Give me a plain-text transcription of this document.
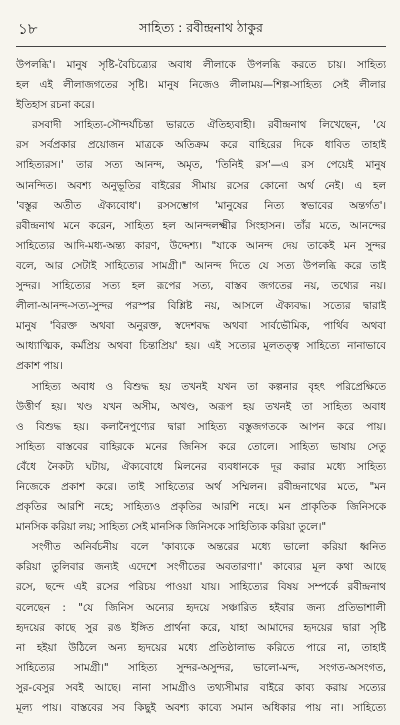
১৮	সাহিত্য : রবীন্দ্রনাথ ঠাকুর
উপলব্ধি'। মানুষ সৃষ্টি-বৈচিত্র্যের অবাধ লীলাকে উপলব্ধি করতে চায়। সাহিত্য
হল এই লীলাজগতের সৃষ্টি। মানুষ নিজেও লীলাময়—শিল্প-সাহিত্য সেই লীলার
ইতিহাস রচনা করে।
রসবাদী সাহিত্য-সৌন্দর্যচিন্তা ভারতে ঐতিহ্যবাহী। রবীন্দ্রনাথ লিখেছেন, 'যে
রস সর্বপ্রকার প্রয়োজন মাত্রকে অতিক্রম করে বাহিরের দিকে ধাবিত তাহাই
সাহিত্যরস।' তার সত্য আনন্দ, অমৃত, 'তিনিই রস'—এ রস পেয়েই মানুষ
আনন্দিত। অবশ্য অনুভূতির বাইরের সীমায় রসের কোনো অর্থ নেই। এ হল
'বস্তুর অতীত ঐক্যবোধ'। রসসম্ভোগ 'মানুষের নিত্য স্বভাবের অন্তর্গত'।
রবীন্দ্রনাথ মনে করেন, সাহিত্য হল আনন্দলক্ষ্মীর সিংহাসন। তাঁর মতে, আনন্দের
সাহিত্যের আদি-মধ্য-অন্ত্য কারণ, উদ্দেশ্য। "যাকে আনন্দ দেয় তাকেই মন সুন্দর
বলে, আর সেটাই সাহিত্যের সামগ্রী।" আনন্দ দিতে যে সত্য উপলব্ধি করে তাই
সুন্দর। সাহিত্যের সত্য হল রূপের সত্য, বাস্তব জগতের নয়, তথ্যের নয়।
লীলা-আনন্দ-সত্য-সুন্দর পরস্পর বিশ্লিষ্ট নয়, আসলে ঐক্যবদ্ধ। সত্যের দ্বারাই
মানুষ 'বিরক্ত অথবা অনুরক্ত, স্বদেশবদ্ধ অথবা সার্বভৌমিক, পার্থিব অথবা
আধ্যাত্মিক, কর্মপ্রিয় অথবা চিন্তাপ্রিয়' হয়। এই সত্যের মূলতত্ত্ব সাহিত্যে নানাভাবে
প্রকাশ পায়।
সাহিত্য অবাধ ও বিশুদ্ধ হয় তখনই যখন তা কল্পনার বৃহৎ পরিপ্রেক্ষিতে
উত্তীর্ণ হয়। খণ্ড যখন অসীম, অখণ্ড, অরূপ হয় তখনই তা সাহিত্য অবাধ
ও বিশুদ্ধ হয়। কলানৈপুণ্যের দ্বারা সাহিত্য বস্তুজগতকে আপন করে পায়।
সাহিত্য বাস্তবের বাহিরকে মনের জিনিস করে তোলে। সাহিত্য ভাষায় সেতু
বেঁধে নৈকট্য ঘটায়, ঐক্যবোধে মিলনের ব্যবধানকে দূর করার মধ্যে সাহিত্য
নিজেকে প্রকাশ করে। তাই সাহিত্যের অর্থ সম্মিলন। রবীন্দ্রনাথের মতে, "মন
প্রকৃতির আরশি নহে; সাহিত্যও প্রকৃতির আরশি নহে। মন প্রাকৃতিক জিনিসকে
মানসিক করিয়া লয়; সাহিত্য সেই মানসিক জিনিসকে সাহিত্যিক করিয়া তুলে।"
সংগীত অনির্বচনীয় বলে 'কাব্যকে অন্তরের মধ্যে ভালো করিয়া ধ্বনিত
করিয়া তুলিবার জন্যই এদেশে সংগীতের অবতারণা।' কাব্যের মূল কথা আছে
রসে, ছন্দে এই রসের পরিচয় পাওয়া যায়। সাহিত্যের বিষয় সম্পর্কে রবীন্দ্রনাথ
বলেছেন : "যে জিনিস অন্যের হৃদয়ে সঞ্চারিত হইবার জন্য প্রতিভাশালী
হৃদয়ের কাছে সুর রঙ ইঙ্গিত প্রার্থনা করে, যাহা আমাদের হৃদয়ের দ্বারা সৃষ্টি
না হইয়া উঠিলে অন্য হৃদয়ের মধ্যে প্রতিষ্ঠালাভ করিতে পারে না, তাহাই
সাহিত্যের সামগ্রী।" সাহিত্য সুন্দর-অসুন্দর, ভালো-মন্দ, সংগত-অসংগত,
সুর-বেসুর সবই আছে। নানা সামগ্রীও তথ্যসীমার বাইরে কাব্য করায় সত্যের
মূল্য পায়। বাস্তবের সব কিছুই অবশ্য কাব্যে সমান অধিকার পায় না। সাহিত্যে
